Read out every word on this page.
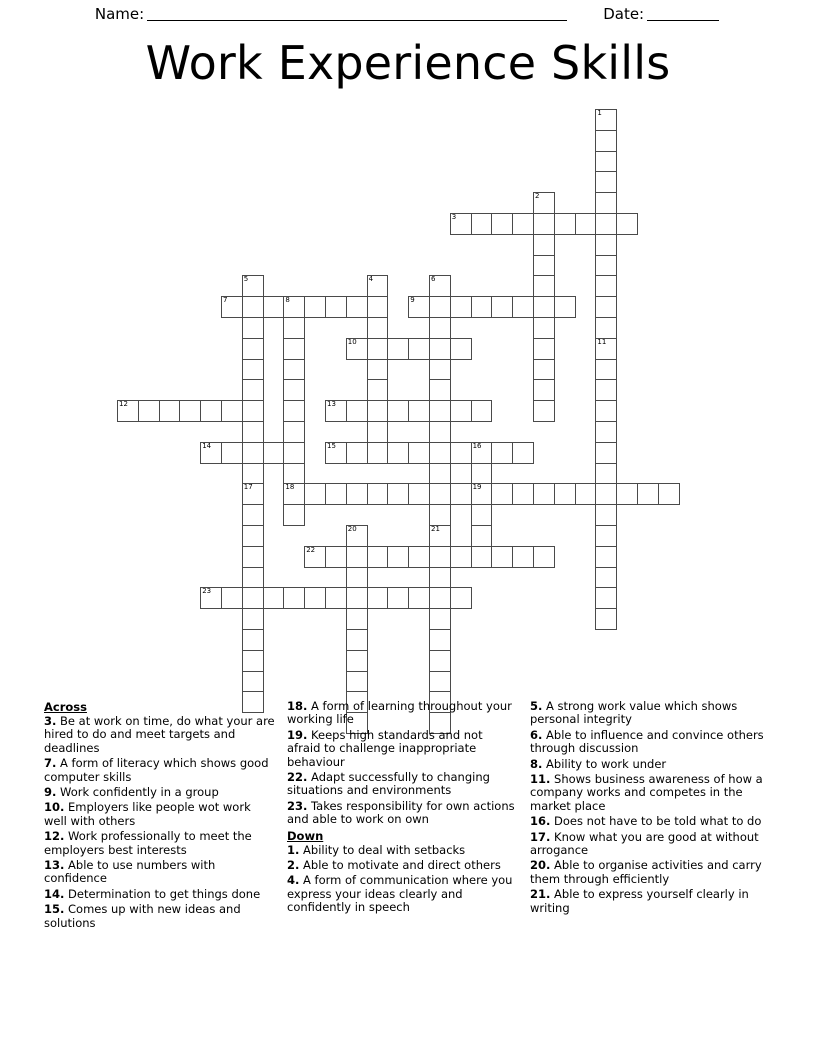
Name:	Date:
Work Experience Skills
1
2
3
4
5	6
21
7	8
18
9
10	11
12	13
14	15	16
19
17
20
22
23
Across
3. Be at work on time, do what your are hired to do and meet targets and deadlines
7. A form of literacy which shows good computer skills
9. Work confidently in a group
10. Employers like people wot work well with others
12. Work professionally to meet the employers best interests
13. Able to use numbers with confidence
14. Determination to get things done
15. Comes up with new ideas and solutions
18. A form of learning throughout your working life
19. Keeps high standards and not afraid to challenge inappropriate behaviour
22. Adapt successfully to changing situations and environments
23. Takes responsibility for own actions and able to work on own
Down
1. Ability to deal with setbacks
2. Able to motivate and direct others
4. A form of communication where you express your ideas clearly and confidently in speech
5. A strong work value which shows personal integrity
6. Able to influence and convince others through discussion
8. Ability to work under
11. Shows business awareness of how a company works and competes in the market place
16. Does not have to be told what to do
17. Know what you are good at without arrogance
20. Able to organise activities and carry them through efficiently
21. Able to express yourself clearly in writing
